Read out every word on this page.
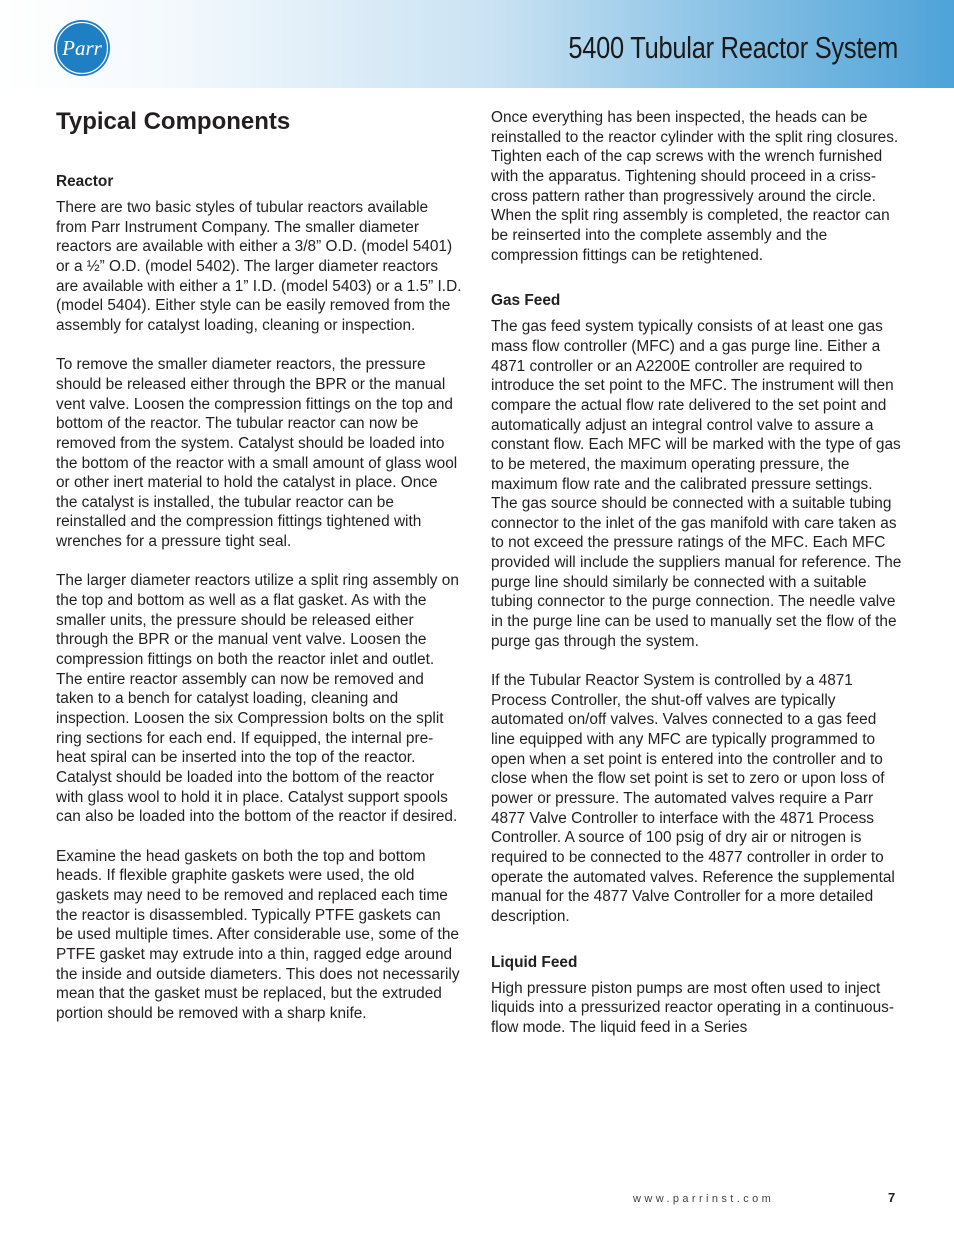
Parr	5400 Tubular Reactor System
Typical Components
Reactor

There are two basic styles of tubular reactors available from Parr Instrument Company. The smaller diameter reactors are available with either a 3/8” O.D. (model 5401) or a ½” O.D. (model 5402). The larger diameter reactors are available with either a 1” I.D. (model 5403) or a 1.5” I.D. (model 5404). Either style can be easily removed from the assembly for catalyst loading, cleaning or inspection.

To remove the smaller diameter reactors, the pressure should be released either through the BPR or the manual vent valve. Loosen the compression fittings on the top and bottom of the reactor. The tubular reactor can now be removed from the system. Catalyst should be loaded into the bottom of the reactor with a small amount of glass wool or other inert material to hold the catalyst in place. Once the catalyst is installed, the tubular reactor can be reinstalled and the compression fittings tightened with wrenches for a pressure tight seal.

The larger diameter reactors utilize a split ring assembly on the top and bottom as well as a flat gasket. As with the smaller units, the pressure should be released either through the BPR or the manual vent valve. Loosen the compression fittings on both the reactor inlet and outlet. The entire reactor assembly can now be removed and taken to a bench for catalyst loading, cleaning and inspection. Loosen the six Compression bolts on the split ring sections for each end. If equipped, the internal pre-heat spiral can be inserted into the top of the reactor. Catalyst should be loaded into the bottom of the reactor with glass wool to hold it in place. Catalyst support spools can also be loaded into the bottom of the reactor if desired.

Examine the head gaskets on both the top and bottom heads. If flexible graphite gaskets were used, the old gaskets may need to be removed and replaced each time the reactor is disassembled. Typically PTFE gaskets can be used multiple times. After considerable use, some of the PTFE gasket may extrude into a thin, ragged edge around the inside and outside diameters. This does not necessarily mean that the gasket must be replaced, but the extruded portion should be removed with a sharp knife.

Once everything has been inspected, the heads can be reinstalled to the reactor cylinder with the split ring closures. Tighten each of the cap screws with the wrench furnished with the apparatus. Tightening should proceed in a criss-cross pattern rather than progressively around the circle. When the split ring assembly is completed, the reactor can be reinserted into the complete assembly and the compression fittings can be retightened.

Gas Feed

The gas feed system typically consists of at least one gas mass flow controller (MFC) and a gas purge line. Either a 4871 controller or an A2200E controller are required to introduce the set point to the MFC. The instrument will then compare the actual flow rate delivered to the set point and automatically adjust an integral control valve to assure a constant flow. Each MFC will be marked with the type of gas to be metered, the maximum operating pressure, the maximum flow rate and the calibrated pressure settings. The gas source should be connected with a suitable tubing connector to the inlet of the gas manifold with care taken as to not exceed the pressure ratings of the MFC. Each MFC provided will include the suppliers manual for reference. The purge line should similarly be connected with a suitable tubing connector to the purge connection. The needle valve in the purge line can be used to manually set the flow of the purge gas through the system.

If the Tubular Reactor System is controlled by a 4871 Process Controller, the shut-off valves are typically automated on/off valves. Valves connected to a gas feed line equipped with any MFC are typically programmed to open when a set point is entered into the controller and to close when the flow set point is set to zero or upon loss of power or pressure. The automated valves require a Parr 4877 Valve Controller to interface with the 4871 Process Controller. A source of 100 psig of dry air or nitrogen is required to be connected to the 4877 controller in order to operate the automated valves. Reference the supplemental manual for the 4877 Valve Controller for a more detailed description.

Liquid Feed

High pressure piston pumps are most often used to inject liquids into a pressurized reactor operating in a continuous-flow mode. The liquid feed in a Series

www.parrinst.com	7
